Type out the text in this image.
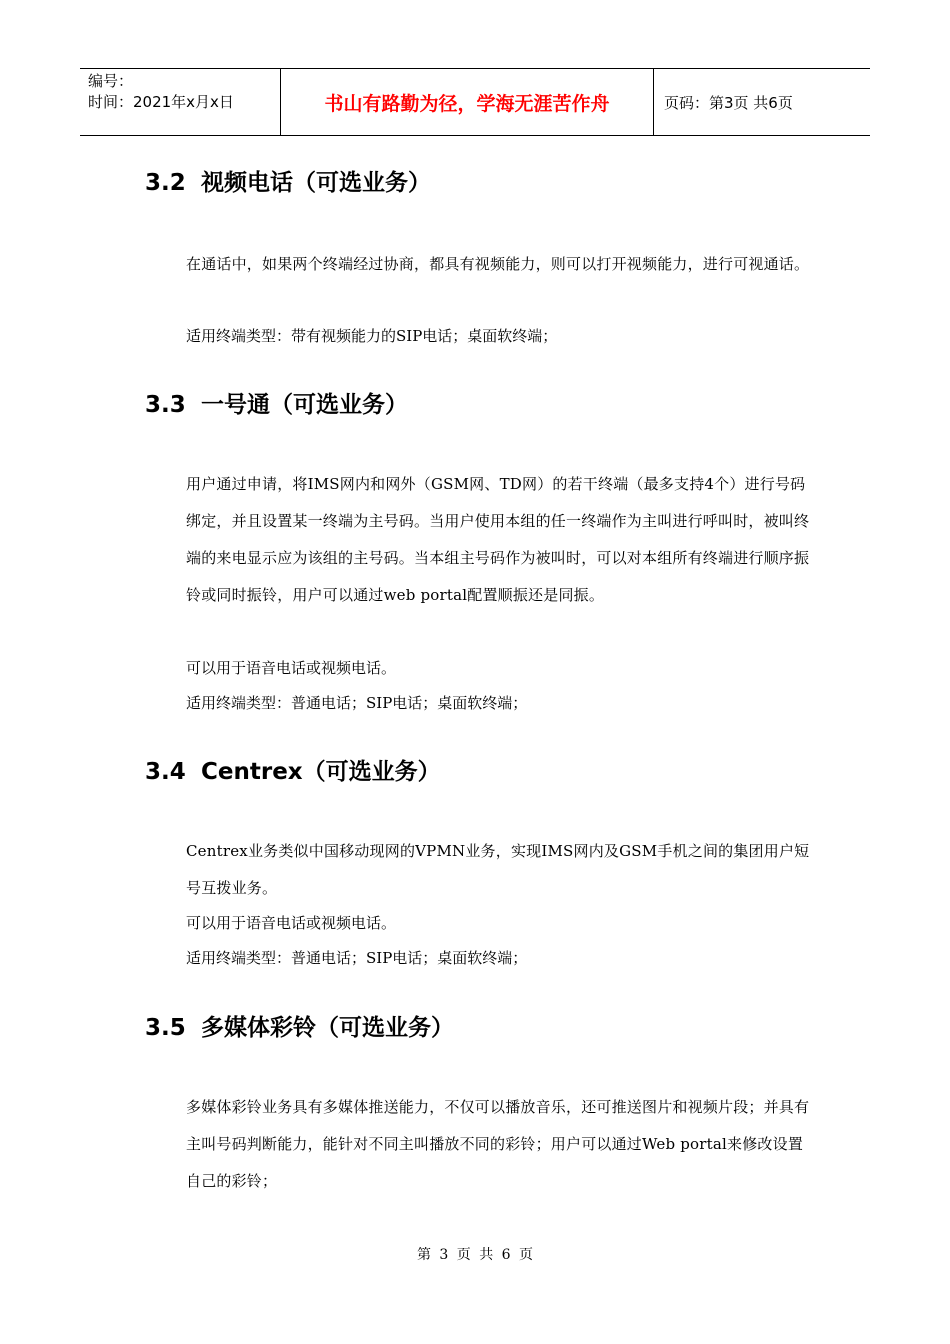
编号：
时间：2021年x月x日	书山有路勤为径，学海无涯苦作舟	页码：第3页 共6页
3.2 视频电话（可选业务）

在通话中，如果两个终端经过协商，都具有视频能力，则可以打开视频能力，进行可视通话。

适用终端类型：带有视频能力的SIP电话；桌面软终端；

3.3 一号通（可选业务）

用户通过申请，将IMS网内和网外（GSM网、TD网）的若干终端（最多支持4个）进行号码绑定，并且设置某一终端为主号码。当用户使用本组的任一终端作为主叫进行呼叫时，被叫终端的来电显示应为该组的主号码。当本组主号码作为被叫时，可以对本组所有终端进行顺序振铃或同时振铃，用户可以通过web portal配置顺振还是同振。

可以用于语音电话或视频电话。

适用终端类型：普通电话；SIP电话；桌面软终端；

3.4 Centrex（可选业务）

Centrex业务类似中国移动现网的VPMN业务，实现IMS网内及GSM手机之间的集团用户短号互拨业务。

可以用于语音电话或视频电话。

适用终端类型：普通电话；SIP电话；桌面软终端；

3.5 多媒体彩铃（可选业务）

多媒体彩铃业务具有多媒体推送能力，不仅可以播放音乐，还可推送图片和视频片段；并具有主叫号码判断能力，能针对不同主叫播放不同的彩铃；用户可以通过Web portal来修改设置自己的彩铃；

第 3 页 共 6 页
